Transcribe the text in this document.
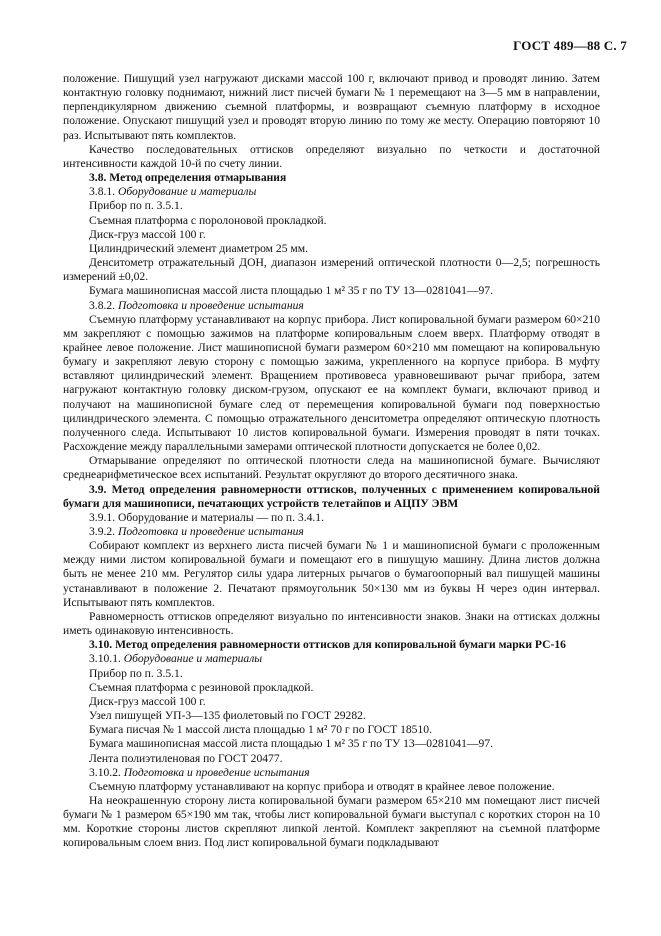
ГОСТ 489—88 С. 7

положение. Пишущий узел нагружают дисками массой 100 г, включают привод и проводят линию. Затем контактную головку поднимают, нижний лист писчей бумаги № 1 перемещают на 3—5 мм в направлении, перпендикулярном движению съемной платформы, и возвращают съемную платформу в исходное положение. Опускают пишущий узел и проводят вторую линию по тому же месту. Операцию повторяют 10 раз. Испытывают пять комплектов.

Качество последовательных оттисков определяют визуально по четкости и достаточной интенсивности каждой 10-й по счету линии.

3.8. Метод определения отмарывания

3.8.1. Оборудование и материалы

Прибор по п. 3.5.1.

Съемная платформа с поролоновой прокладкой.

Диск-груз массой 100 г.

Цилиндрический элемент диаметром 25 мм.

Денситометр отражательный ДОН, диапазон измерений оптической плотности 0—2,5; погрешность измерений ±0,02.

Бумага машинописная массой листа площадью 1 м² 35 г по ТУ 13—0281041—97.

3.8.2. Подготовка и проведение испытания

Съемную платформу устанавливают на корпус прибора. Лист копировальной бумаги размером 60×210 мм закрепляют с помощью зажимов на платформе копировальным слоем вверх. Платформу отводят в крайнее левое положение. Лист машинописной бумаги размером 60×210 мм помещают на копировальную бумагу и закрепляют левую сторону с помощью зажима, укрепленного на корпусе прибора. В муфту вставляют цилиндрический элемент. Вращением противовеса уравновешивают рычаг прибора, затем нагружают контактную головку диском-грузом, опускают ее на комплект бумаги, включают привод и получают на машинописной бумаге след от перемещения копировальной бумаги под поверхностью цилиндрического элемента. С помощью отражательного денситометра определяют оптическую плотность полученного следа. Испытывают 10 листов копировальной бумаги. Измерения проводят в пяти точках. Расхождение между параллельными замерами оптической плотности допускается не более 0,02.

Отмарывание определяют по оптической плотности следа на машинописной бумаге. Вычисляют среднеарифметическое всех испытаний. Результат округляют до второго десятичного знака.

3.9. Метод определения равномерности оттисков, полученных с применением копировальной бумаги для машинописи, печатающих устройств телетайпов и АЦПУ ЭВМ

3.9.1. Оборудование и материалы — по п. 3.4.1.

3.9.2. Подготовка и проведение испытания

Собирают комплект из верхнего листа писчей бумаги № 1 и машинописной бумаги с проложенным между ними листом копировальной бумаги и помещают его в пишущую машину. Длина листов должна быть не менее 210 мм. Регулятор силы удара литерных рычагов о бумагоопорный вал пишущей машины устанавливают в положение 2. Печатают прямоугольник 50×130 мм из буквы Н через один интервал. Испытывают пять комплектов.

Равномерность оттисков определяют визуально по интенсивности знаков. Знаки на оттисках должны иметь одинаковую интенсивность.

3.10. Метод определения равномерности оттисков для копировальной бумаги марки РС-16

3.10.1. Оборудование и материалы

Прибор по п. 3.5.1.

Съемная платформа с резиновой прокладкой.

Диск-груз массой 100 г.

Узел пишущей УП-3—135 фиолетовый по ГОСТ 29282.

Бумага писчая № 1 массой листа площадью 1 м² 70 г по ГОСТ 18510.

Бумага машинописная массой листа площадью 1 м² 35 г по ТУ 13—0281041—97.

Лента полиэтиленовая по ГОСТ 20477.

3.10.2. Подготовка и проведение испытания

Съемную платформу устанавливают на корпус прибора и отводят в крайнее левое положение.

На неокрашенную сторону листа копировальной бумаги размером 65×210 мм помещают лист писчей бумаги № 1 размером 65×190 мм так, чтобы лист копировальной бумаги выступал с коротких сторон на 10 мм. Короткие стороны листов скрепляют липкой лентой. Комплект закрепляют на съемной платформе копировальным слоем вниз. Под лист копировальной бумаги подкладывают
